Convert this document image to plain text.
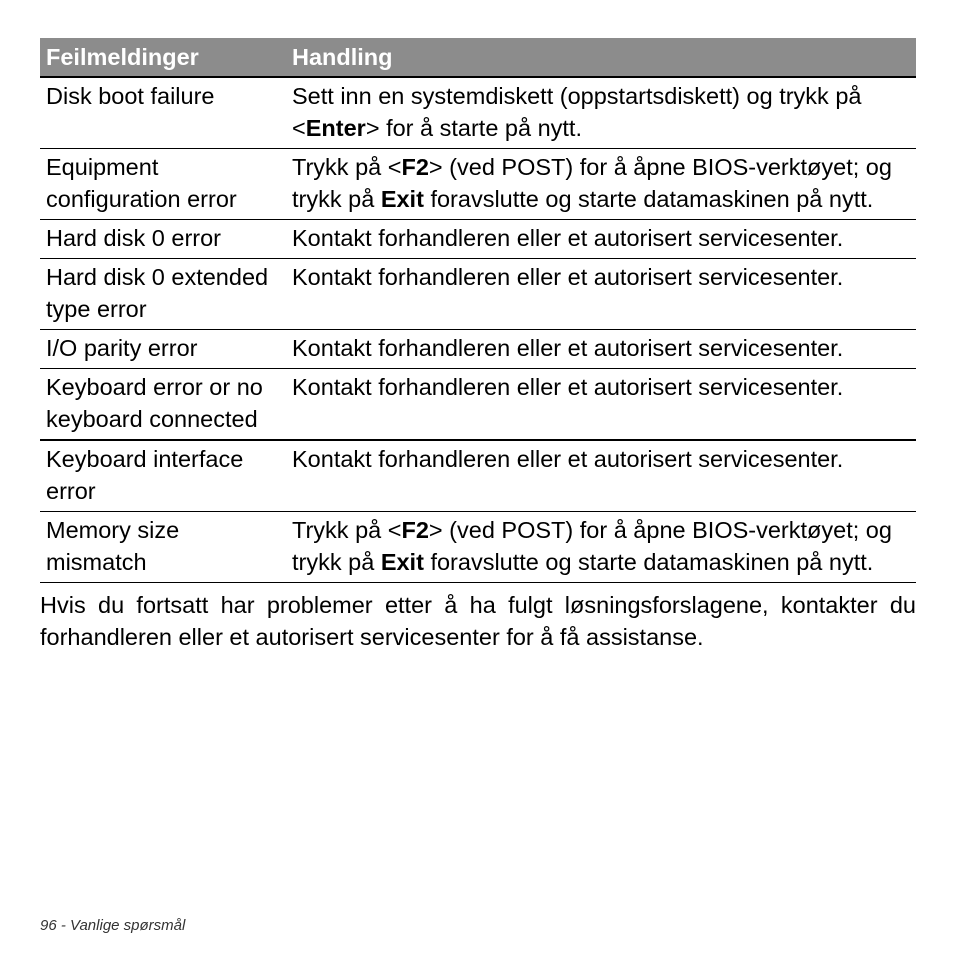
Feilmeldinger	Handling
Disk boot failure	Sett inn en systemdiskett (oppstartsdiskett) og trykk på <Enter> for å starte på nytt.
Equipment configuration error	Trykk på <F2> (ved POST) for å åpne BIOS-verktøyet; og trykk på Exit foravslutte og starte datamaskinen på nytt.
Hard disk 0 error	Kontakt forhandleren eller et autorisert servicesenter.
Hard disk 0 extended type error	Kontakt forhandleren eller et autorisert servicesenter.
I/O parity error	Kontakt forhandleren eller et autorisert servicesenter.
Keyboard error or no keyboard connected	Kontakt forhandleren eller et autorisert servicesenter.
Keyboard interface error	Kontakt forhandleren eller et autorisert servicesenter.
Memory size mismatch	Trykk på <F2> (ved POST) for å åpne BIOS-verktøyet; og trykk på Exit foravslutte og starte datamaskinen på nytt.

Hvis du fortsatt har problemer etter å ha fulgt løsningsforslagene, kontakter du forhandleren eller et autorisert servicesenter for å få assistanse.

96 - Vanlige spørsmål
